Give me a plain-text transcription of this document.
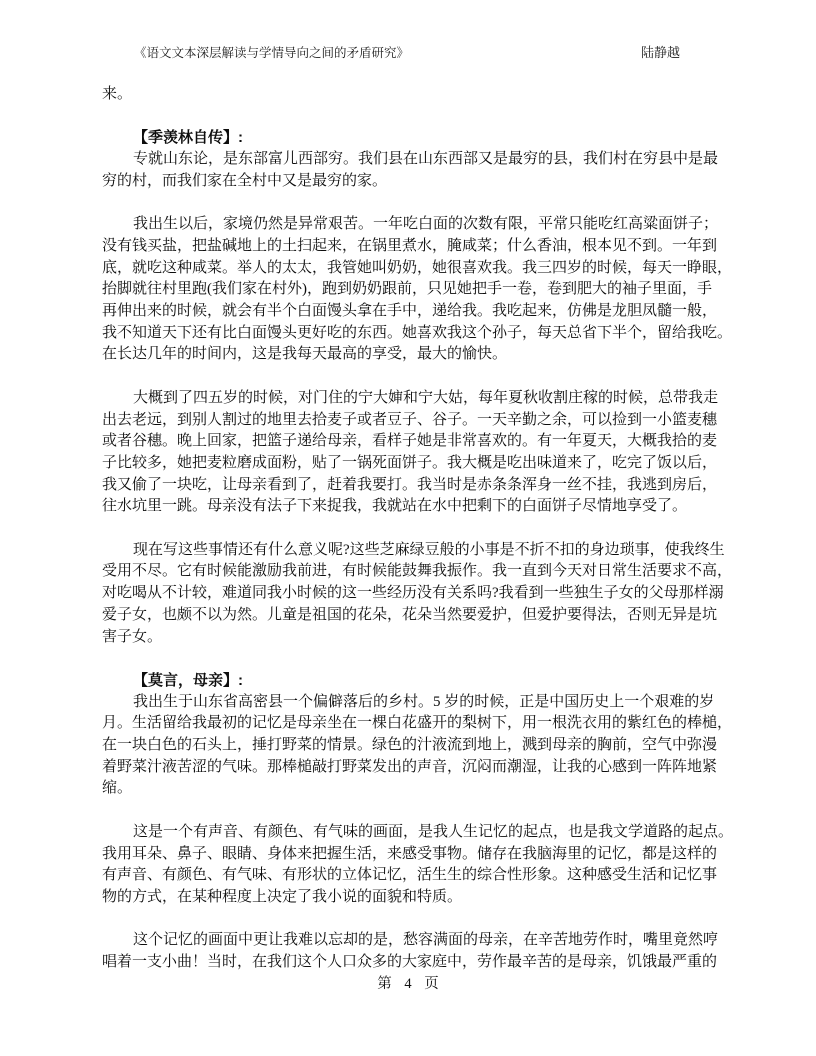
《语文文本深层解读与学情导向之间的矛盾研究》	陆静越
来。
【季羡林自传】:
专就山东论，是东部富儿西部穷。我们县在山东西部又是最穷的县，我们村在穷县中是最
穷的村，而我们家在全村中又是最穷的家。
我出生以后，家境仍然是异常艰苦。一年吃白面的次数有限，平常只能吃红高粱面饼子；
没有钱买盐，把盐碱地上的土扫起来，在锅里煮水，腌咸菜；什么香油，根本见不到。一年到
底，就吃这种咸菜。举人的太太，我管她叫奶奶，她很喜欢我。我三四岁的时候，每天一睁眼，
抬脚就往村里跑(我们家在村外)，跑到奶奶跟前，只见她把手一卷，卷到肥大的袖子里面，手
再伸出来的时候，就会有半个白面馒头拿在手中，递给我。我吃起来，仿佛是龙胆凤髓一般，
我不知道天下还有比白面馒头更好吃的东西。她喜欢我这个孙子，每天总省下半个，留给我吃。
在长达几年的时间内，这是我每天最高的享受，最大的愉快。
大概到了四五岁的时候，对门住的宁大婶和宁大姑，每年夏秋收割庄稼的时候，总带我走
出去老远，到别人割过的地里去拾麦子或者豆子、谷子。一天辛勤之余，可以捡到一小篮麦穗
或者谷穗。晚上回家，把篮子递给母亲，看样子她是非常喜欢的。有一年夏天，大概我拾的麦
子比较多，她把麦粒磨成面粉，贴了一锅死面饼子。我大概是吃出味道来了，吃完了饭以后，
我又偷了一块吃，让母亲看到了，赶着我要打。我当时是赤条条浑身一丝不挂，我逃到房后，
往水坑里一跳。母亲没有法子下来捉我，我就站在水中把剩下的白面饼子尽情地享受了。
现在写这些事情还有什么意义呢?这些芝麻绿豆般的小事是不折不扣的身边琐事，使我终生
受用不尽。它有时候能激励我前进，有时候能鼓舞我振作。我一直到今天对日常生活要求不高，
对吃喝从不计较，难道同我小时候的这一些经历没有关系吗?我看到一些独生子女的父母那样溺
爱子女，也颇不以为然。儿童是祖国的花朵，花朵当然要爱护，但爱护要得法，否则无异是坑
害子女。
【莫言，母亲】:
我出生于山东省高密县一个偏僻落后的乡村。5 岁的时候，正是中国历史上一个艰难的岁
月。生活留给我最初的记忆是母亲坐在一棵白花盛开的梨树下，用一根洗衣用的紫红色的棒槌，
在一块白色的石头上，捶打野菜的情景。绿色的汁液流到地上，溅到母亲的胸前，空气中弥漫
着野菜汁液苦涩的气味。那棒槌敲打野菜发出的声音，沉闷而潮湿，让我的心感到一阵阵地紧
缩。
这是一个有声音、有颜色、有气味的画面，是我人生记忆的起点，也是我文学道路的起点。
我用耳朵、鼻子、眼睛、身体来把握生活，来感受事物。储存在我脑海里的记忆，都是这样的
有声音、有颜色、有气味、有形状的立体记忆，活生生的综合性形象。这种感受生活和记忆事
物的方式，在某种程度上决定了我小说的面貌和特质。
这个记忆的画面中更让我难以忘却的是，愁容满面的母亲，在辛苦地劳作时，嘴里竟然哼
唱着一支小曲！当时，在我们这个人口众多的大家庭中，劳作最辛苦的是母亲，饥饿最严重的
第 4 页
